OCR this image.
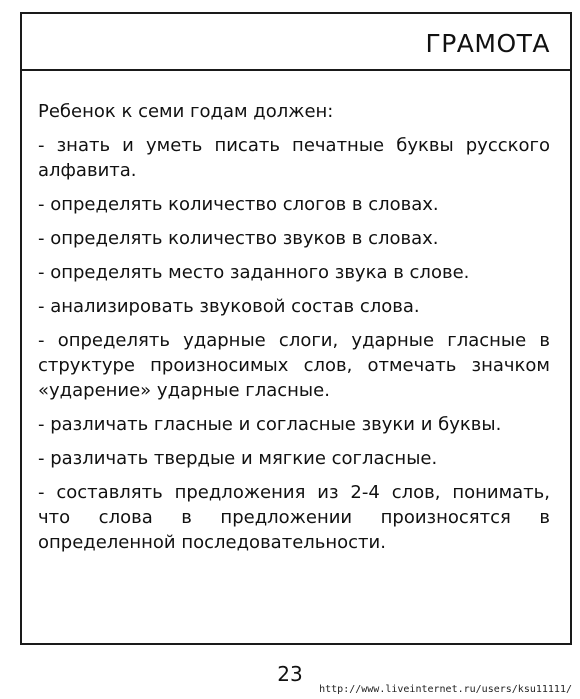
ГРАМОТА

Ребенок к семи годам должен:

- знать и уметь писать печатные буквы русского алфавита.

- определять количество слогов в словах.

- определять количество звуков в словах.

- определять место заданного звука в слове.

- анализировать звуковой состав слова.

- определять ударные слоги, ударные гласные в структуре произносимых слов, отмечать значком «ударение» ударные гласные.

- различать гласные и согласные звуки и буквы.

- различать твердые и мягкие согласные.

- составлять предложения из 2-4 слов, понимать, что слова в предложении произносятся в определенной последовательности.

23
http://www.liveinternet.ru/users/ksu11111/
